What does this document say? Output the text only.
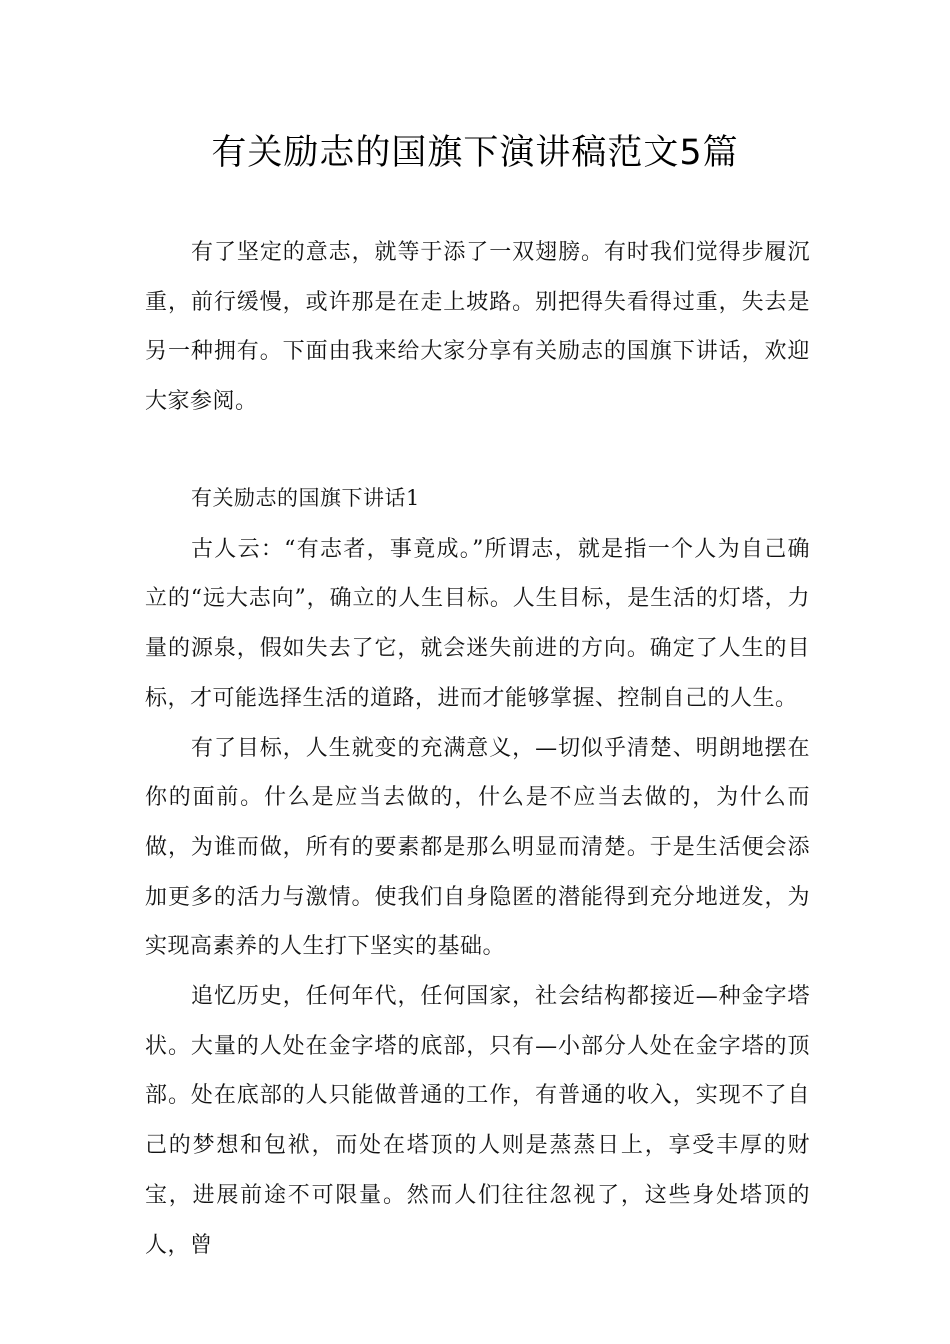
有关励志的国旗下演讲稿范文5篇

有了坚定的意志，就等于添了一双翅膀。有时我们觉得步履沉重，前行缓慢，或许那是在走上坡路。别把得失看得过重，失去是另一种拥有。下面由我来给大家分享有关励志的国旗下讲话，欢迎大家参阅。

有关励志的国旗下讲话1

古人云：“有志者，事竟成。”所谓志，就是指一个人为自己确立的“远大志向”，确立的人生目标。人生目标，是生活的灯塔，力量的源泉，假如失去了它，就会迷失前进的方向。确定了人生的目标，才可能选择生活的道路，进而才能够掌握、控制自己的人生。

有了目标，人生就变的充满意义，—切似乎清楚、明朗地摆在你的面前。什么是应当去做的，什么是不应当去做的，为什么而做，为谁而做，所有的要素都是那么明显而清楚。于是生活便会添加更多的活力与激情。使我们自身隐匿的潜能得到充分地迸发，为实现高素养的人生打下坚实的基础。

追忆历史，任何年代，任何国家，社会结构都接近—种金字塔状。大量的人处在金字塔的底部，只有—小部分人处在金字塔的顶部。处在底部的人只能做普通的工作，有普通的收入，实现不了自己的梦想和包袱，而处在塔顶的人则是蒸蒸日上，享受丰厚的财宝，进展前途不可限量。然而人们往往忽视了，这些身处塔顶的人，曾
